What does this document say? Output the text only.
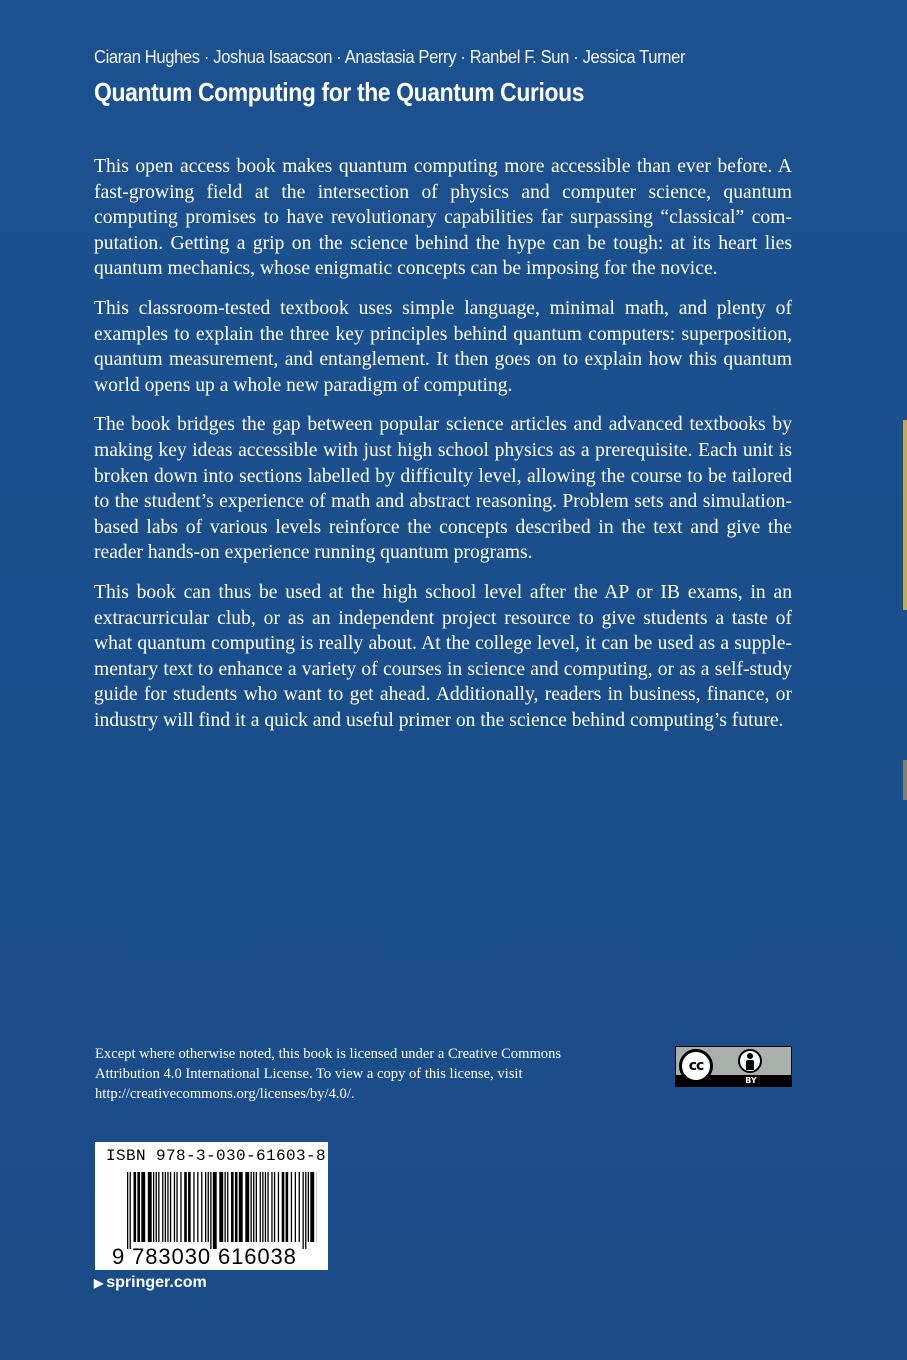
Ciaran Hughes · Joshua Isaacson · Anastasia Perry · Ranbel F. Sun · Jessica Turner
Quantum Computing for the Quantum Curious

This open access book makes quantum computing more accessible than ever before. A fast-growing field at the intersection of physics and computer science, quantum computing promises to have revolutionary capabilities far surpassing “classical” computation. Getting a grip on the science behind the hype can be tough: at its heart lies quantum mechanics, whose enigmatic concepts can be imposing for the novice.

This classroom-tested textbook uses simple language, minimal math, and plenty of examples to explain the three key principles behind quantum computers: superposition, quantum measurement, and entanglement. It then goes on to explain how this quantum world opens up a whole new paradigm of computing.

The book bridges the gap between popular science articles and advanced textbooks by making key ideas accessible with just high school physics as a prerequisite. Each unit is broken down into sections labelled by difficulty level, allowing the course to be tailored to the student’s experience of math and abstract reasoning. Problem sets and simulation-based labs of various levels reinforce the concepts described in the text and give the reader hands-on experience running quantum programs.

This book can thus be used at the high school level after the AP or IB exams, in an extracurricular club, or as an independent project resource to give students a taste of what quantum computing is really about. At the college level, it can be used as a supplementary text to enhance a variety of courses in science and computing, or as a self-study guide for students who want to get ahead. Additionally, readers in business, finance, or industry will find it a quick and useful primer on the science behind computing’s future.

Except where otherwise noted, this book is licensed under a Creative Commons Attribution 4.0 International License. To view a copy of this license, visit http://creativecommons.org/licenses/by/4.0/.
cc
BY
ISBN 978-3-030-61603-8
9 783030 616038
▶ springer.com
